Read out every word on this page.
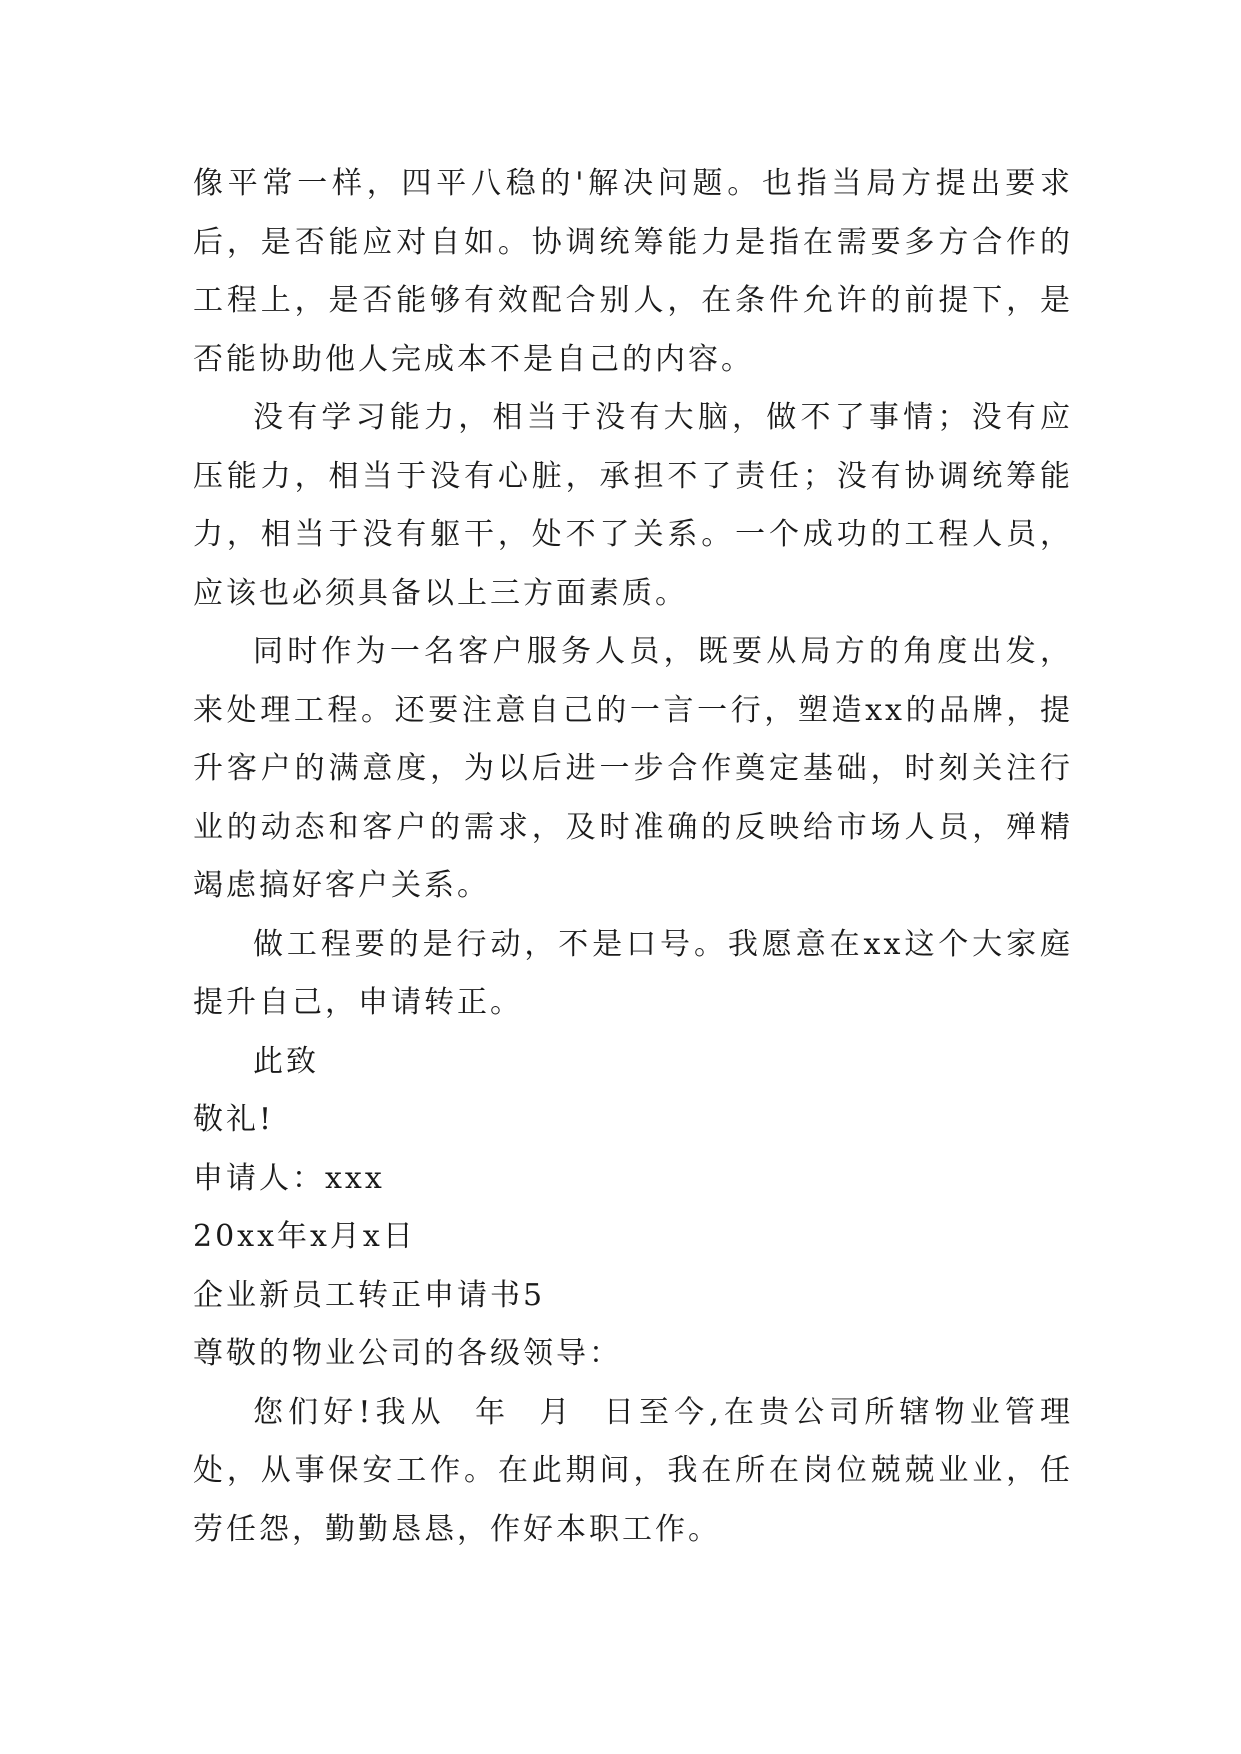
像平常一样，四平八稳的'解决问题。也指当局方提出要求后，是否能应对自如。协调统筹能力是指在需要多方合作的工程上，是否能够有效配合别人，在条件允许的前提下，是否能协助他人完成本不是自己的内容。

没有学习能力，相当于没有大脑，做不了事情；没有应压能力，相当于没有心脏，承担不了责任；没有协调统筹能力，相当于没有躯干，处不了关系。一个成功的工程人员，应该也必须具备以上三方面素质。

同时作为一名客户服务人员，既要从局方的角度出发，来处理工程。还要注意自己的一言一行，塑造xx的品牌，提升客户的满意度，为以后进一步合作奠定基础，时刻关注行业的动态和客户的需求，及时准确的反映给市场人员，殚精竭虑搞好客户关系。

做工程要的是行动，不是口号。我愿意在xx这个大家庭提升自己，申请转正。

此致

敬礼!

申请人：xxx

20xx年x月x日

企业新员工转正申请书5

尊敬的物业公司的各级领导：

您们好!我从  年  月  日至今,在贵公司所辖物业管理处，从事保安工作。在此期间，我在所在岗位兢兢业业，任劳任怨，勤勤恳恳，作好本职工作。
